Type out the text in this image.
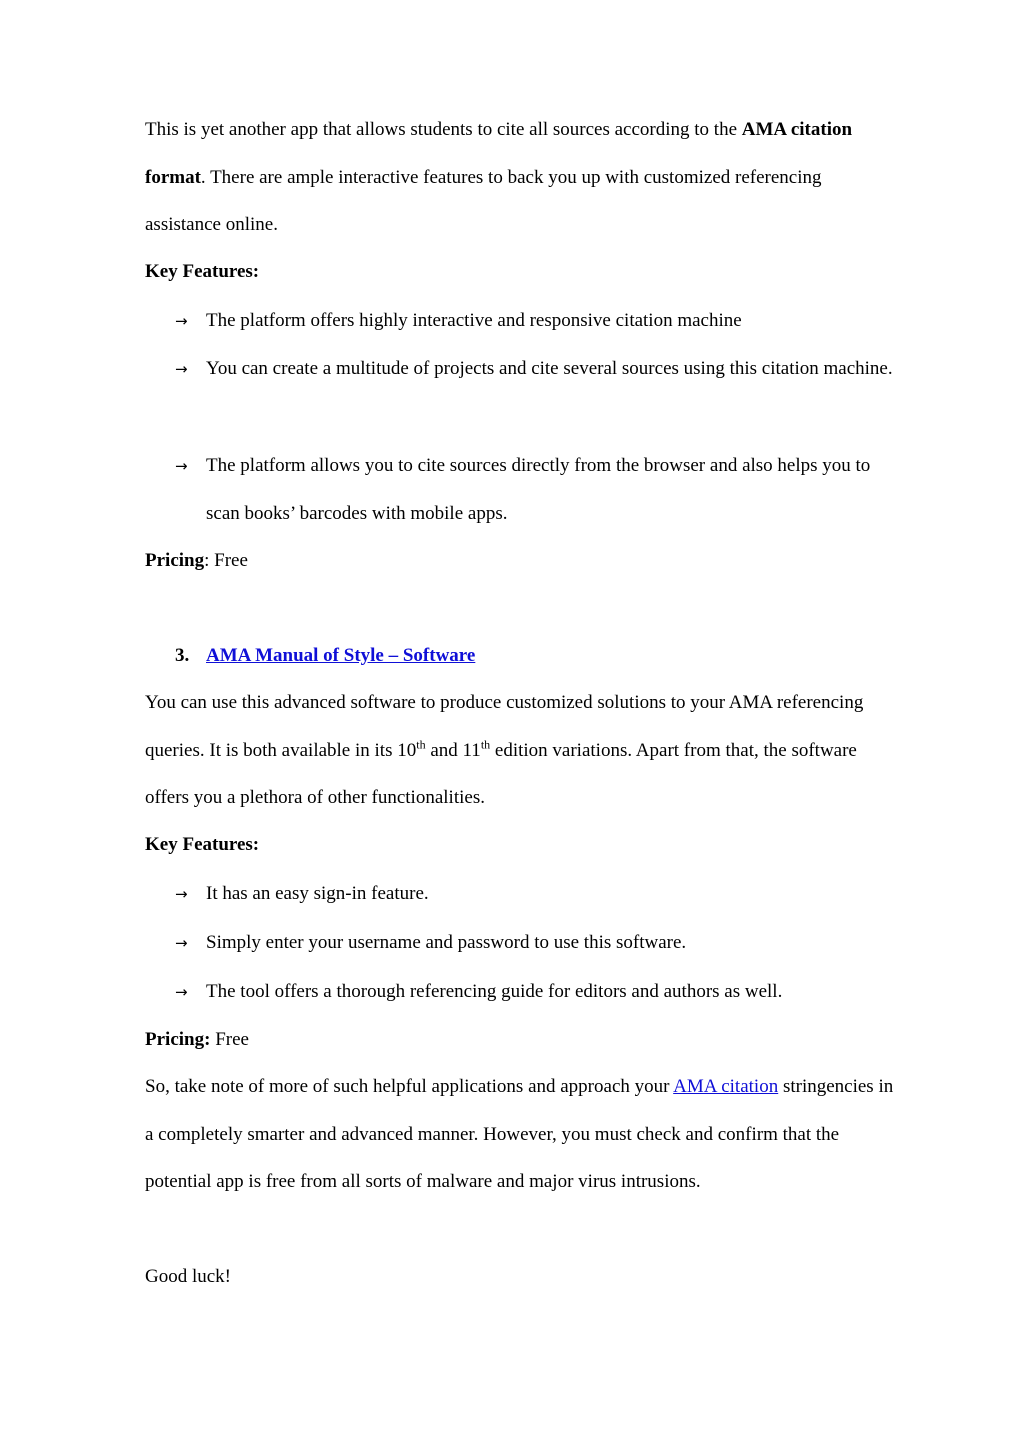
This is yet another app that allows students to cite all sources according to the AMA citation format. There are ample interactive features to back you up with customized referencing assistance online.

Key Features:

→ The platform offers highly interactive and responsive citation machine
→ You can create a multitude of projects and cite several sources using this citation machine.
→ The platform allows you to cite sources directly from the browser and also helps you to scan books’ barcodes with mobile apps.

Pricing: Free

3. AMA Manual of Style – Software

You can use this advanced software to produce customized solutions to your AMA referencing queries. It is both available in its 10th and 11th edition variations. Apart from that, the software offers you a plethora of other functionalities.

Key Features:

→ It has an easy sign-in feature.
→ Simply enter your username and password to use this software.
→ The tool offers a thorough referencing guide for editors and authors as well.

Pricing: Free

So, take note of more of such helpful applications and approach your AMA citation stringencies in a completely smarter and advanced manner. However, you must check and confirm that the potential app is free from all sorts of malware and major virus intrusions.

Good luck!
